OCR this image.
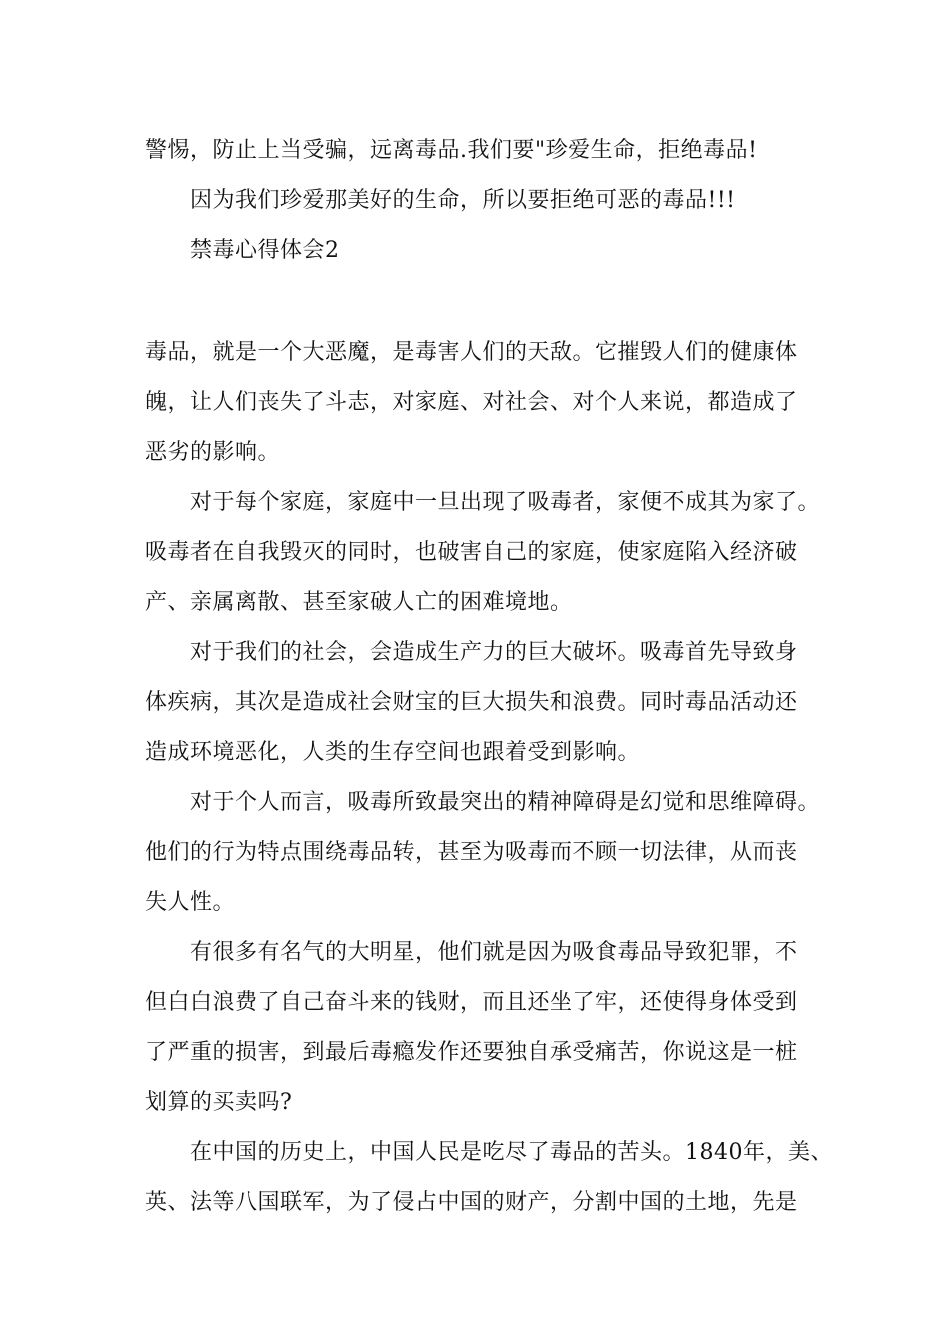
警惕，防止上当受骗，远离毒品.我们要"珍爱生命，拒绝毒品!
因为我们珍爱那美好的生命，所以要拒绝可恶的毒品!!!
禁毒心得体会2
毒品，就是一个大恶魔，是毒害人们的天敌。它摧毁人们的健康体
魄，让人们丧失了斗志，对家庭、对社会、对个人来说，都造成了
恶劣的影响。
对于每个家庭，家庭中一旦出现了吸毒者，家便不成其为家了。
吸毒者在自我毁灭的同时，也破害自己的家庭，使家庭陷入经济破
产、亲属离散、甚至家破人亡的困难境地。
对于我们的社会，会造成生产力的巨大破坏。吸毒首先导致身
体疾病，其次是造成社会财宝的巨大损失和浪费。同时毒品活动还
造成环境恶化，人类的生存空间也跟着受到影响。
对于个人而言，吸毒所致最突出的精神障碍是幻觉和思维障碍。
他们的行为特点围绕毒品转，甚至为吸毒而不顾一切法律，从而丧
失人性。
有很多有名气的大明星，他们就是因为吸食毒品导致犯罪，不
但白白浪费了自己奋斗来的钱财，而且还坐了牢，还使得身体受到
了严重的损害，到最后毒瘾发作还要独自承受痛苦，你说这是一桩
划算的买卖吗?
在中国的历史上，中国人民是吃尽了毒品的苦头。1840年，美、
英、法等八国联军，为了侵占中国的财产，分割中国的土地，先是
